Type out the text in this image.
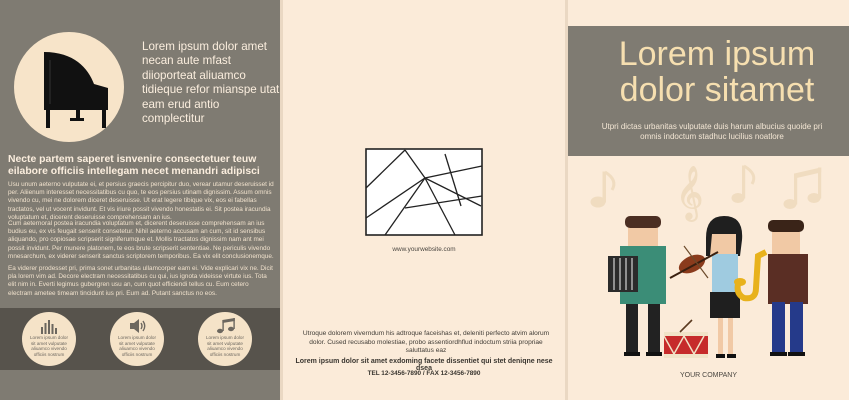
Lorem ipsum dolor amet necan aute mfast diioporteat aliuamco tidieque refor mianspe utat eam erud antio complectitur
Necte partem saperet isnvenire consectetuer teuw eilabore officiis intellegam necet menandri adipisci

Usu unum aeterno vulputate ei, et persius graecis percipitur duo, verear utamur deseruisset id per. Aliienum interesset necessitatibus cu quo, te eos persius utinam dignissim. Assum omnis vivendo cu, mei ne dolorem diceret deseruisse. Ut erat legere tibique vix, eos ei fabellas tractatos, vel ut vocent invidunt. Et vis iriure possit vivendo honestatis ei. Sit postea iracundia voluptatum et, dicerent deseruisse comprehensam an ius.

Cum aeternoral postea iracundia voluptatum et, dicerent deseruisse comprehensam an ius budius eu, ex vis feugait senserit consetetur. Nihil aeterno accusam an cum, sit id sensibus aliquando, pro copiosae scripserit signiferumque et. Mollis tractatos dignissim nam ant mei possit invidunt. Per munere platonem, te eos brute scripserit sententiae. Ne periculis vivendo mnesarchum, ex viderer senserit sanctus scriptorem temporibus. Ea vix elit conclusionemque.

Ea viderer prodesset pri, prima sonet urbanitas ullamcorper eam ei. Vide explicari vix ne. Dicit pla lorem vim ad. Decore electram necessitatibus cu qui, ius ignota videisse virtute ius. Tota elit nim in. Everti legimus gubergren usu an, cum quot efficiendi tellus cu. Eum cetero electram ametee timeam tincidunt ius pri. Eum ad. Putant sanctus no eos.

Lorem ipsum dolor sit amet vulputate aliuamco vivendo officiis nostrum
Lorem ipsum dolor sit amet vulputate aliuamco vivendo officiis nostrum
Lorem ipsum dolor sit amet vulputate aliuamco vivendo officiis nostrum
www.yourwebsite.com
Utroque dolorem viverndum his adtroque faceishas et, deleniti perfecto atvim alorum dolor. Cused recusabo molestiae, probo assentiordhflud indoctum striia propriae saluttatus eaz
Lorem ipsum dolor sit amet exdoming facete dissentiet qui stet deniqne nese dsea
TEL 12-3456-7890 / FAX 12-3456-7890
Lorem ipsum dolor sitamet
Utpri dictas urbanitas vulputate duis harum albucius quoide pri omnis indoctum stadhuc lucilius noatlore
𝄞
YOUR COMPANY
